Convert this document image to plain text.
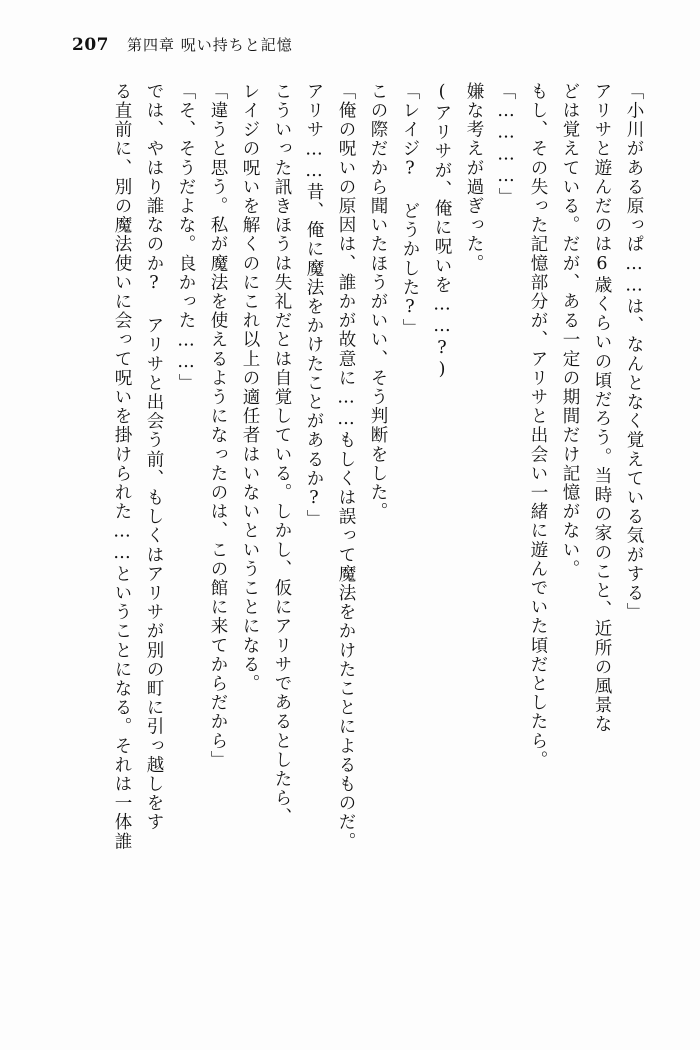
207 第四章 呪い持ちと記憶
「小川がある原っぱ……は、なんとなく覚えている気がする」
アリサと遊んだのは6歳くらいの頃だろう。当時の家のこと、近所の風景な
どは覚えている。だが、ある一定の期間だけ記憶がない。
もし、その失った記憶部分が、アリサと出会い一緒に遊んでいた頃だとしたら。
「…………」
嫌な考えが過ぎった。
(アリサが、俺に呪いを……?)
「レイジ? どうかした?」
この際だから聞いたほうがいい、そう判断をした。
「俺の呪いの原因は、誰かが故意に……もしくは誤って魔法をかけたことによるものだ。
アリサ……昔、俺に魔法をかけたことがあるか?」
こういった訊きほうは失礼だとは自覚している。しかし、仮にアリサであるとしたら、
レイジの呪いを解くのにこれ以上の適任者はいないということになる。
「違うと思う。私が魔法を使えるようになったのは、この館に来てからだから」
「そ、そうだよな。良かった……」
では、やはり誰なのか? アリサと出会う前、もしくはアリサが別の町に引っ越しをす
る直前に、別の魔法使いに会って呪いを掛けられた……ということになる。それは一体誰
